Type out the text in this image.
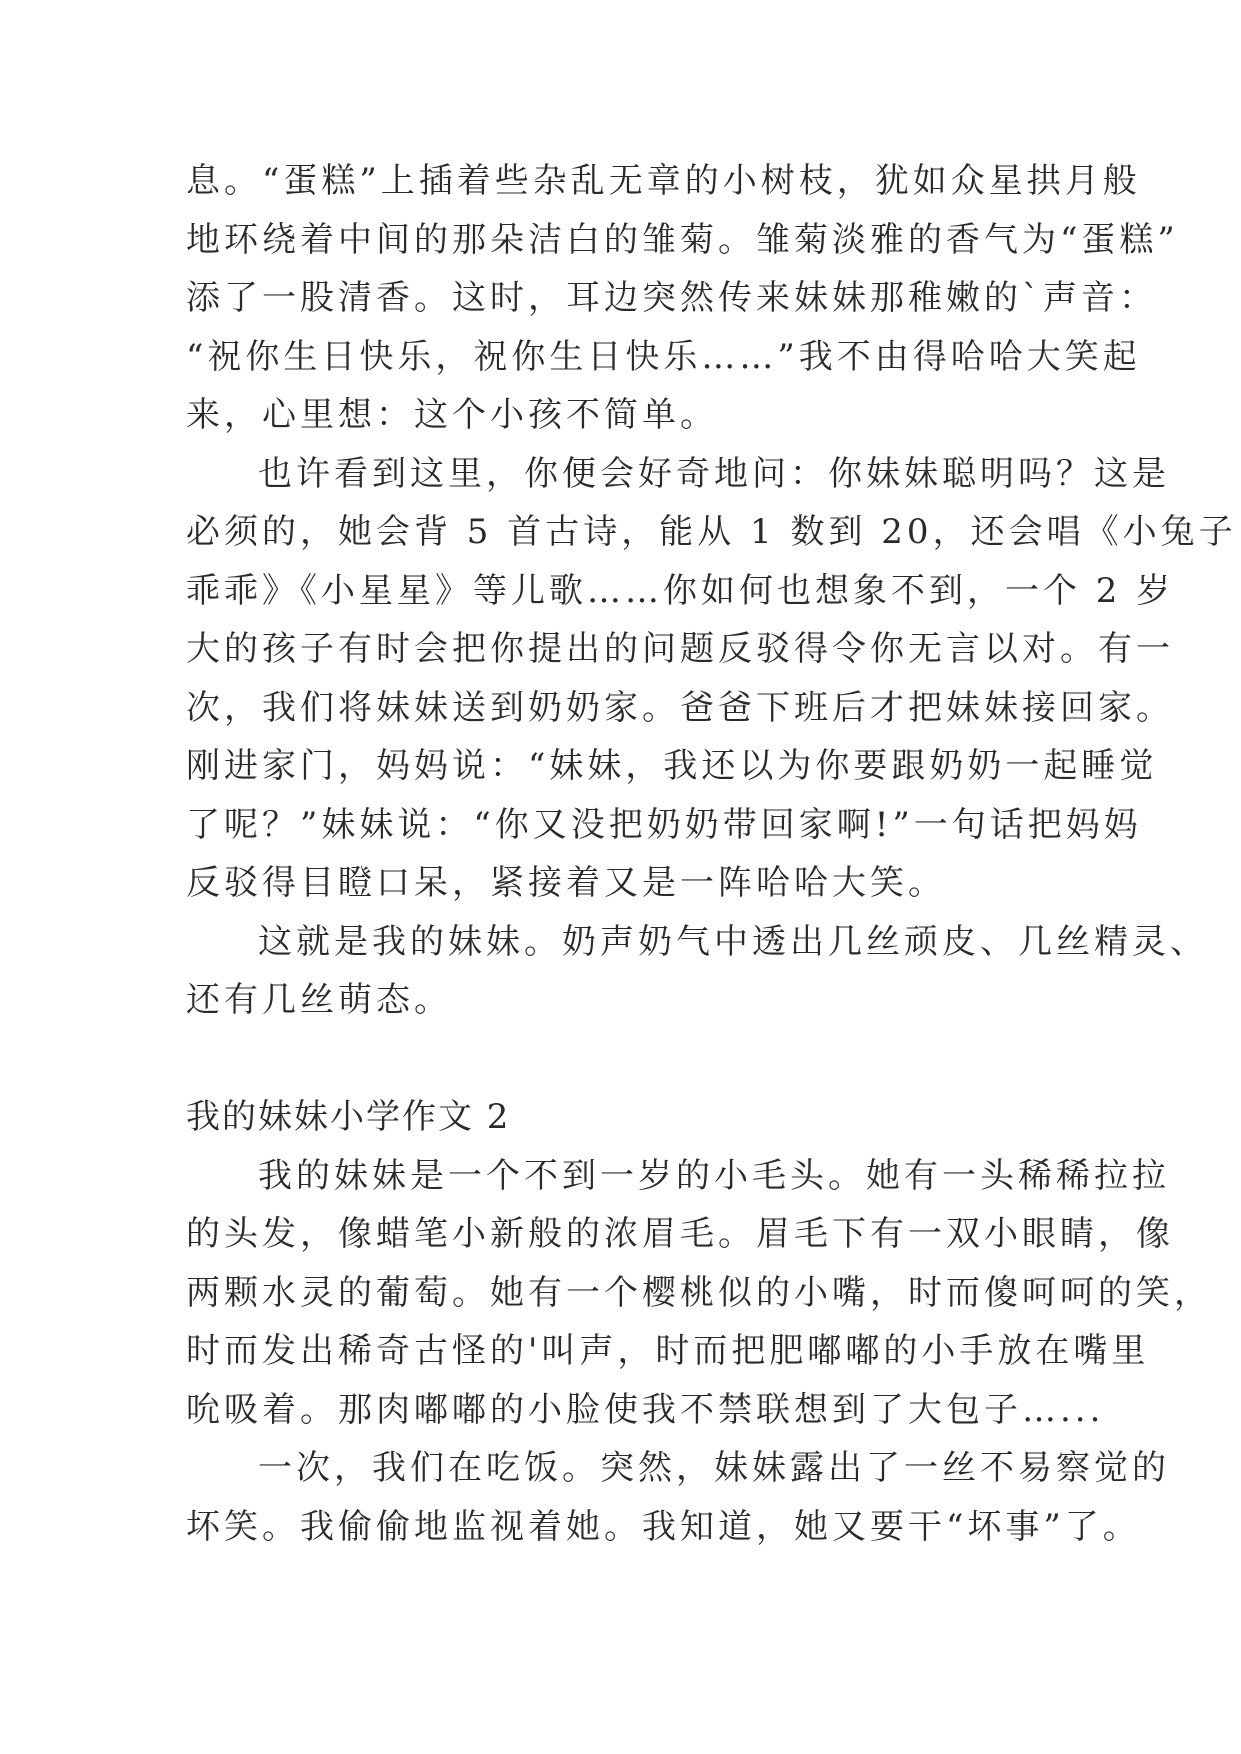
息。“蛋糕”上插着些杂乱无章的小树枝，犹如众星拱月般
地环绕着中间的那朵洁白的雏菊。雏菊淡雅的香气为“蛋糕”
添了一股清香。这时，耳边突然传来妹妹那稚嫩的`声音：
“祝你生日快乐，祝你生日快乐……”我不由得哈哈大笑起
来，心里想：这个小孩不简单。
也许看到这里，你便会好奇地问：你妹妹聪明吗？这是
必须的，她会背 5 首古诗，能从 1 数到 20，还会唱《小兔子
乖乖》《小星星》等儿歌……你如何也想象不到，一个 2 岁
大的孩子有时会把你提出的问题反驳得令你无言以对。有一
次，我们将妹妹送到奶奶家。爸爸下班后才把妹妹接回家。
刚进家门，妈妈说：“妹妹，我还以为你要跟奶奶一起睡觉
了呢？”妹妹说：“你又没把奶奶带回家啊!”一句话把妈妈
反驳得目瞪口呆，紧接着又是一阵哈哈大笑。
这就是我的妹妹。奶声奶气中透出几丝顽皮、几丝精灵、
还有几丝萌态。
我的妹妹小学作文 2
我的妹妹是一个不到一岁的小毛头。她有一头稀稀拉拉
的头发，像蜡笔小新般的浓眉毛。眉毛下有一双小眼睛，像
两颗水灵的葡萄。她有一个樱桃似的小嘴，时而傻呵呵的笑，
时而发出稀奇古怪的'叫声，时而把肥嘟嘟的小手放在嘴里
吮吸着。那肉嘟嘟的小脸使我不禁联想到了大包子…...
一次，我们在吃饭。突然，妹妹露出了一丝不易察觉的
坏笑。我偷偷地监视着她。我知道，她又要干“坏事”了。
